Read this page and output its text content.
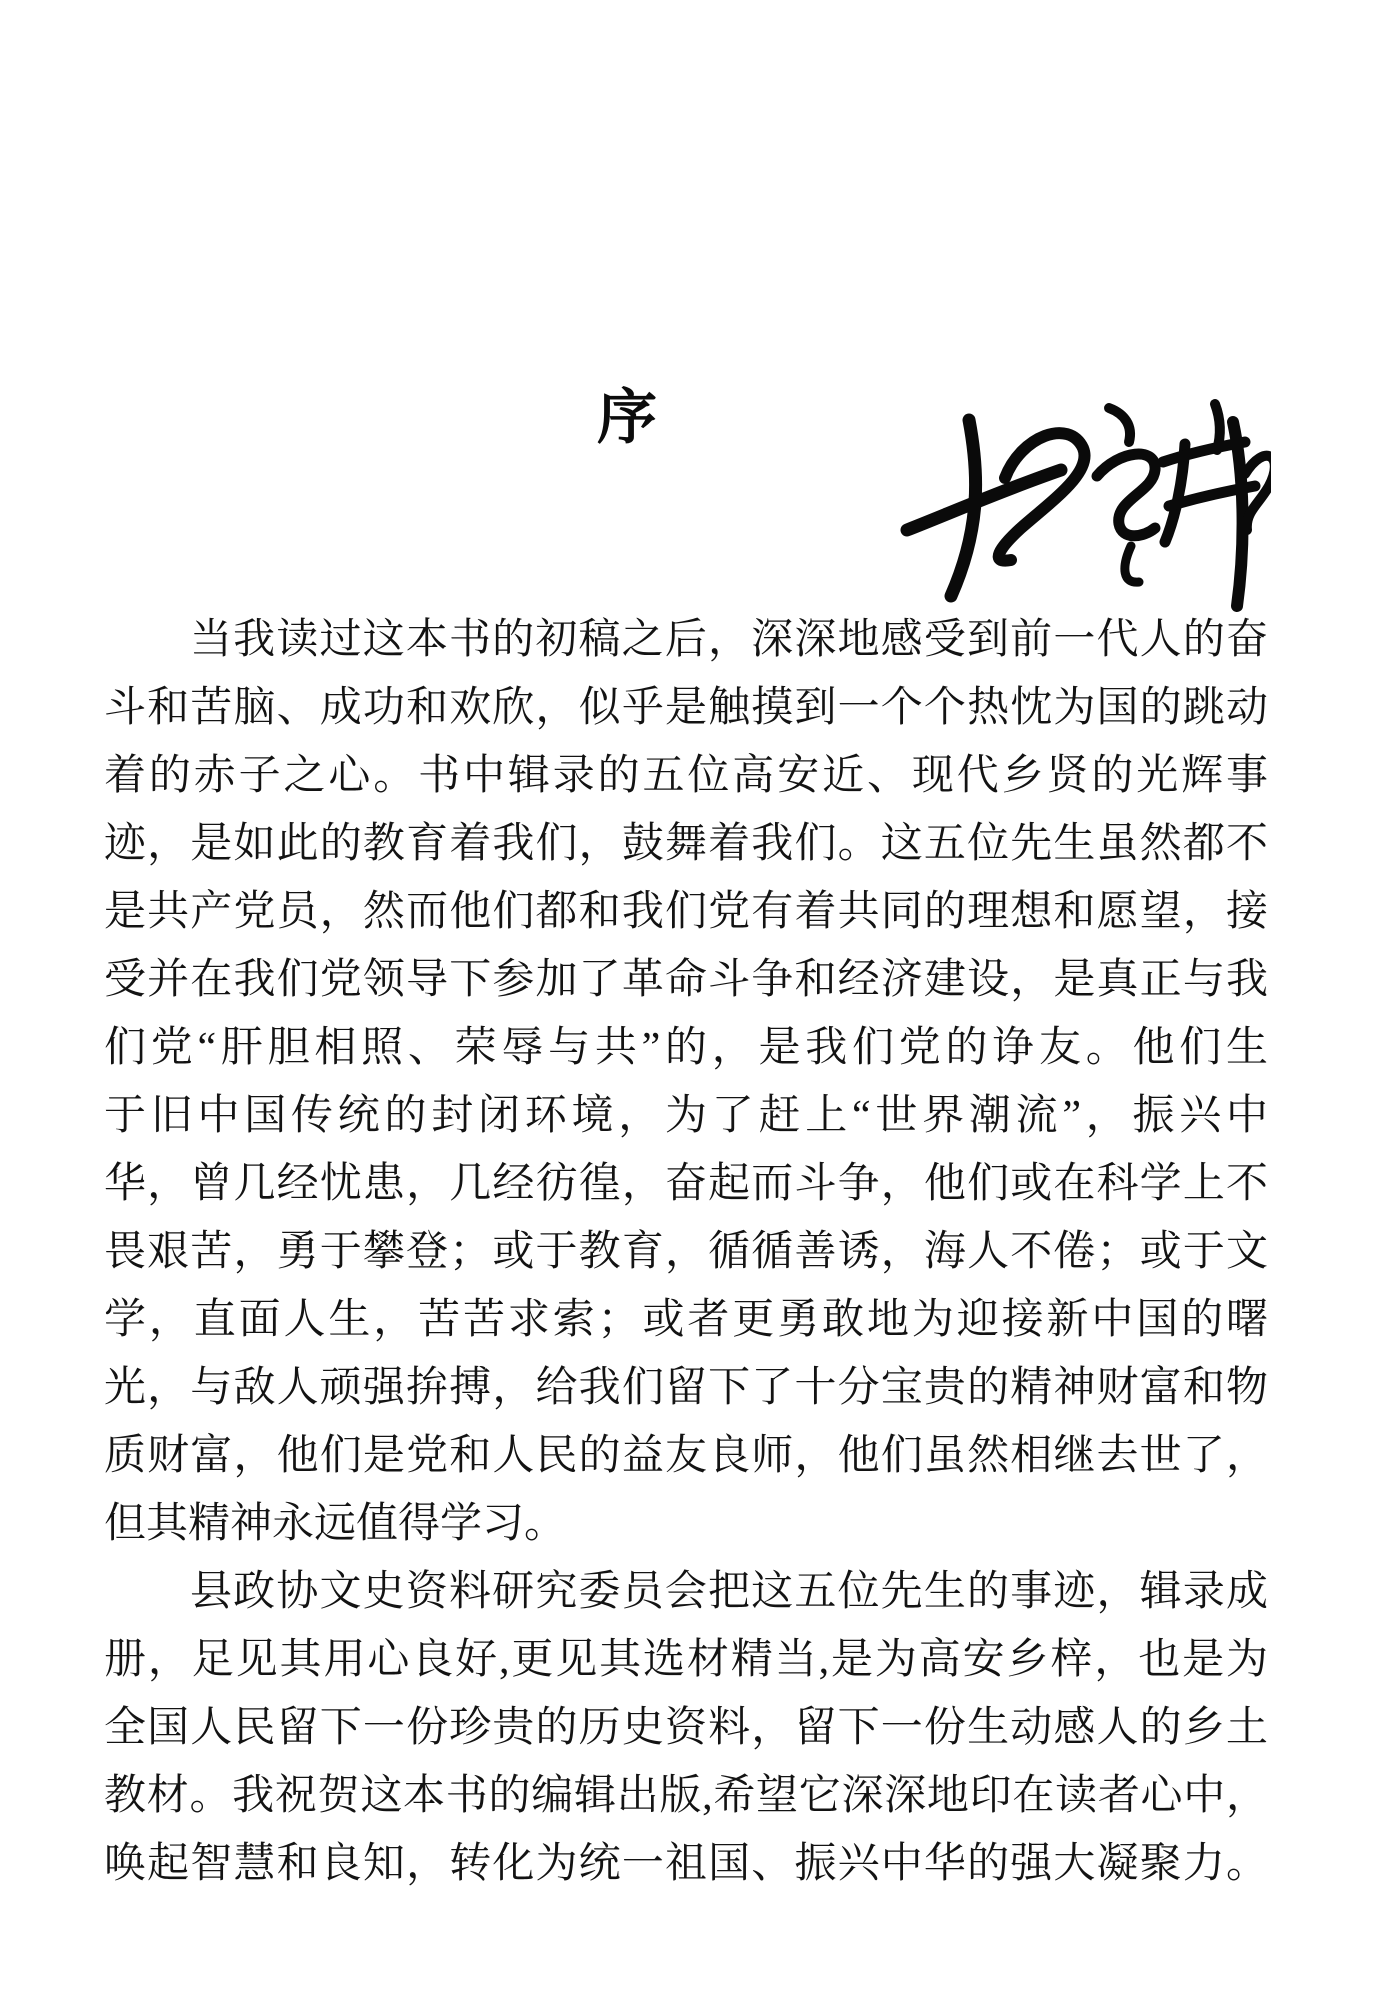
序
当我读过这本书的初稿之后，深深地感受到前一代人的奋
斗和苦脑、成功和欢欣，似乎是触摸到一个个热忱为国的跳动
着的赤子之心。书中辑录的五位高安近、现代乡贤的光辉事
迹，是如此的教育着我们，鼓舞着我们。这五位先生虽然都不
是共产党员，然而他们都和我们党有着共同的理想和愿望，接
受并在我们党领导下参加了革命斗争和经济建设，是真正与我
们党“肝胆相照、荣辱与共”的，是我们党的诤友。他们生
于旧中国传统的封闭环境，为了赶上“世界潮流”，振兴中
华，曾几经忧患，几经彷徨，奋起而斗争，他们或在科学上不
畏艰苦，勇于攀登；或于教育，循循善诱，海人不倦；或于文
学，直面人生，苦苦求索；或者更勇敢地为迎接新中国的曙
光，与敌人顽强拚搏，给我们留下了十分宝贵的精神财富和物
质财富，他们是党和人民的益友良师，他们虽然相继去世了，
但其精神永远值得学习。
县政协文史资料研究委员会把这五位先生的事迹，辑录成
册，足见其用心良好,更见其选材精当,是为高安乡梓，也是为
全国人民留下一份珍贵的历史资料，留下一份生动感人的乡土
教材。我祝贺这本书的编辑出版,希望它深深地印在读者心中，
唤起智慧和良知，转化为统一祖国、振兴中华的强大凝聚力。
